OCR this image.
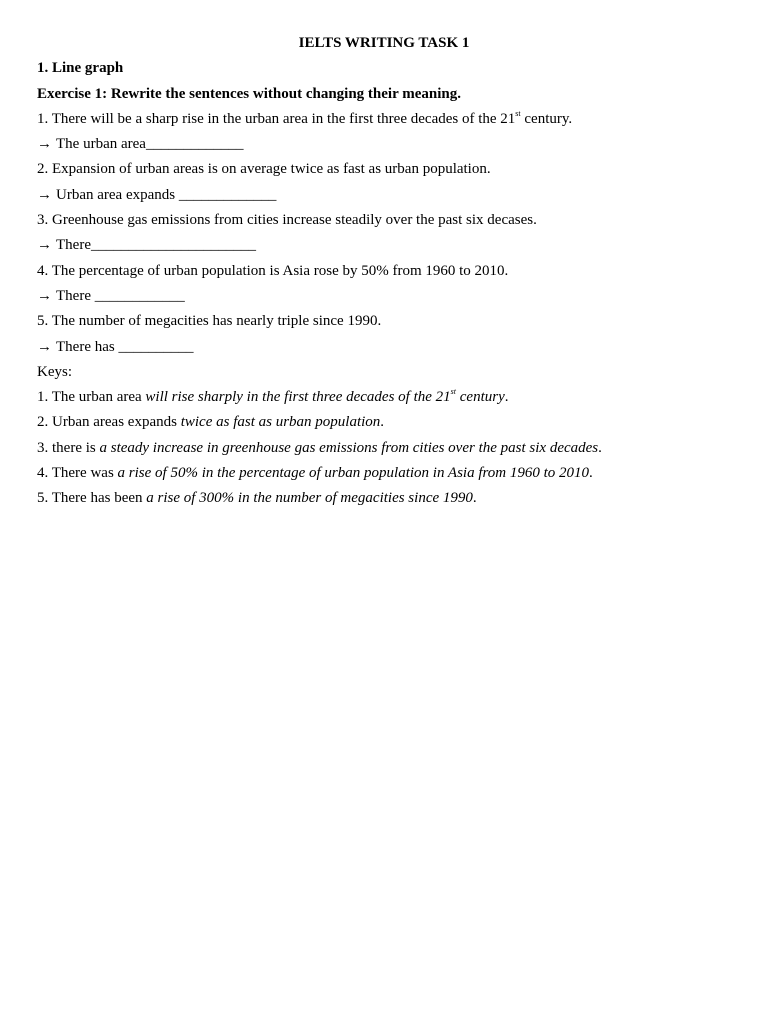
IELTS WRITING TASK 1
1. Line graph
Exercise 1: Rewrite the sentences without changing their meaning.
1. There will be a sharp rise in the urban area in the first three decades of the 21st century.
→ The urban area_____________
2. Expansion of urban areas is on average twice as fast as urban population.
→ Urban area expands _____________
3. Greenhouse gas emissions from cities increase steadily over the past six decases.
→ There______________________
4. The percentage of urban population is Asia rose by 50% from 1960 to 2010.
→ There ____________
5. The number of megacities has nearly triple since 1990.
→ There has __________
Keys:
1. The urban area will rise sharply in the first three decades of the 21st century.
2. Urban areas expands twice as fast as urban population.
3. there is a steady increase in greenhouse gas emissions from cities over the past six decades.
4. There was a rise of 50% in the percentage of urban population in Asia from 1960 to 2010.
5. There has been a rise of 300% in the number of megacities since 1990.
